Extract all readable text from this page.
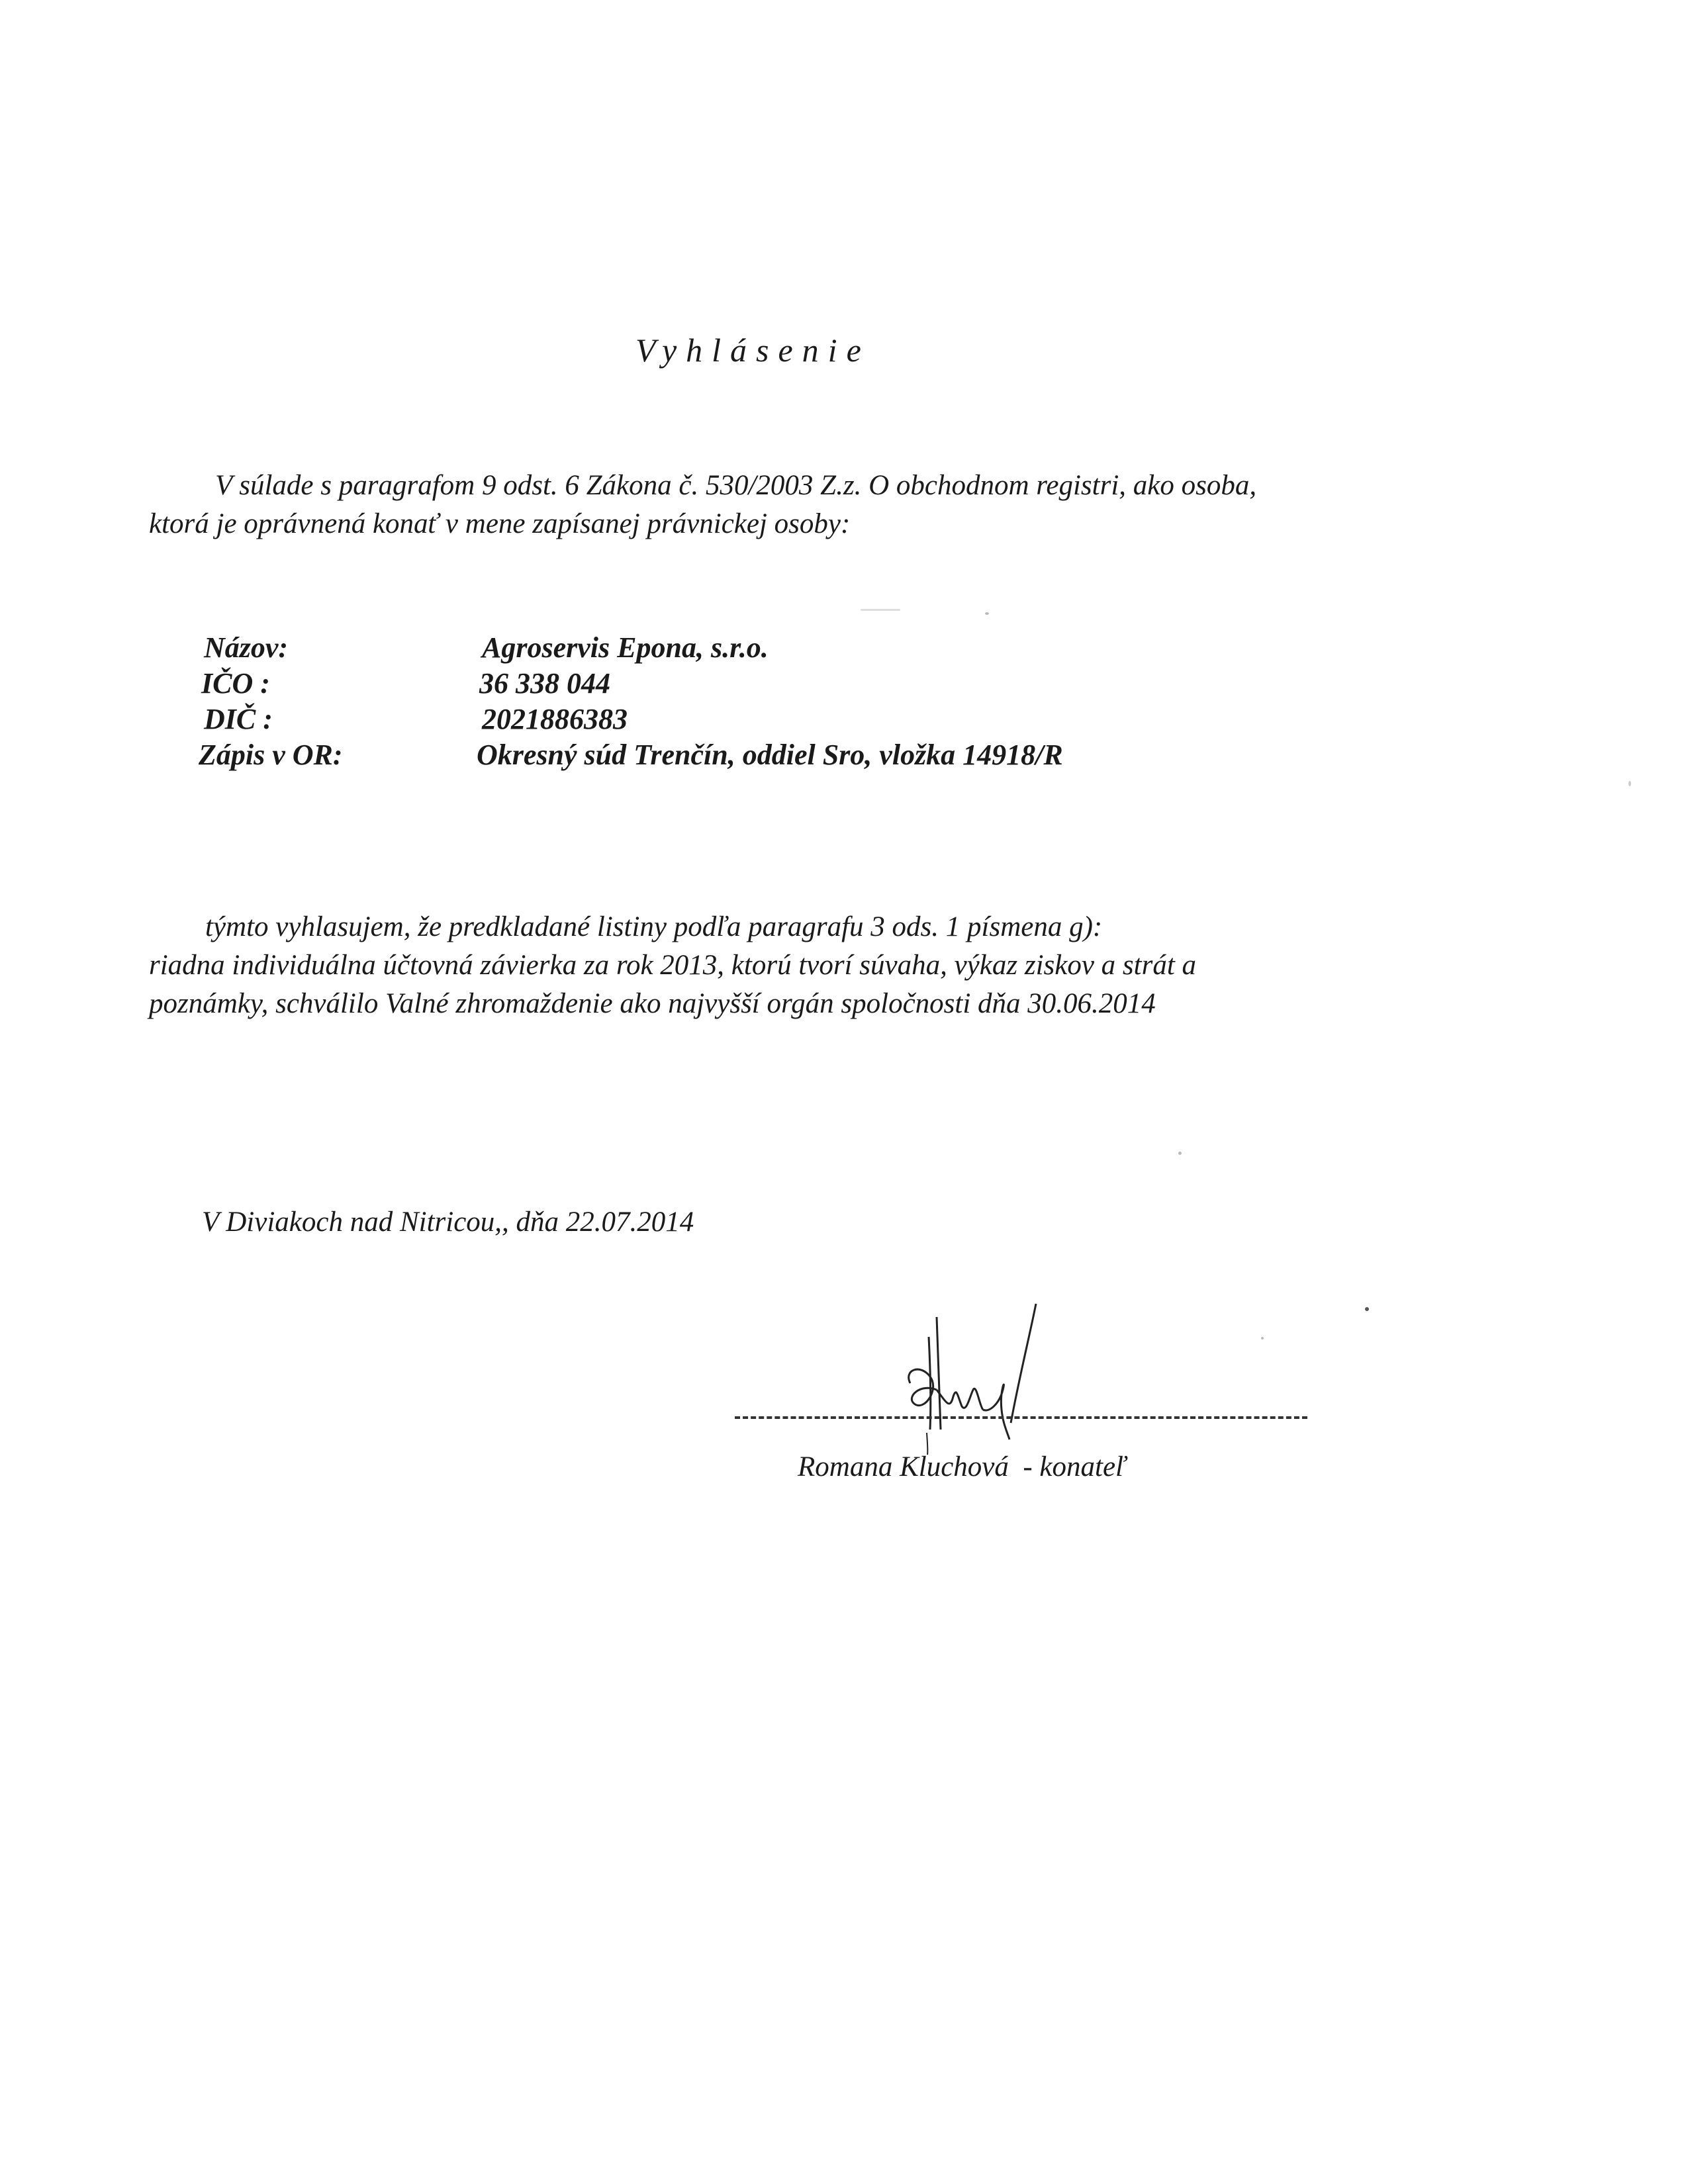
Vyhlásenie
V súlade s paragrafom 9 odst. 6 Zákona č. 530/2003 Z.z. O obchodnom registri, ako osoba,
ktorá je oprávnená konať v mene zapísanej právnickej osoby:
Názov:	Agroservis Epona, s.r.o.
IČO :	36 338 044
DIČ :	2021886383
Zápis v OR:	Okresný súd Trenčín, oddiel Sro, vložka 14918/R
týmto vyhlasujem, že predkladané listiny podľa paragrafu 3 ods. 1 písmena g):
riadna individuálna účtovná závierka za rok 2013, ktorú tvorí súvaha, výkaz ziskov a strát a
poznámky, schválilo Valné zhromaždenie ako najvyšší orgán spoločnosti dňa 30.06.2014
V Diviakoch nad Nitricou,, dňa 22.07.2014
Romana Kluchová  - konateľ
